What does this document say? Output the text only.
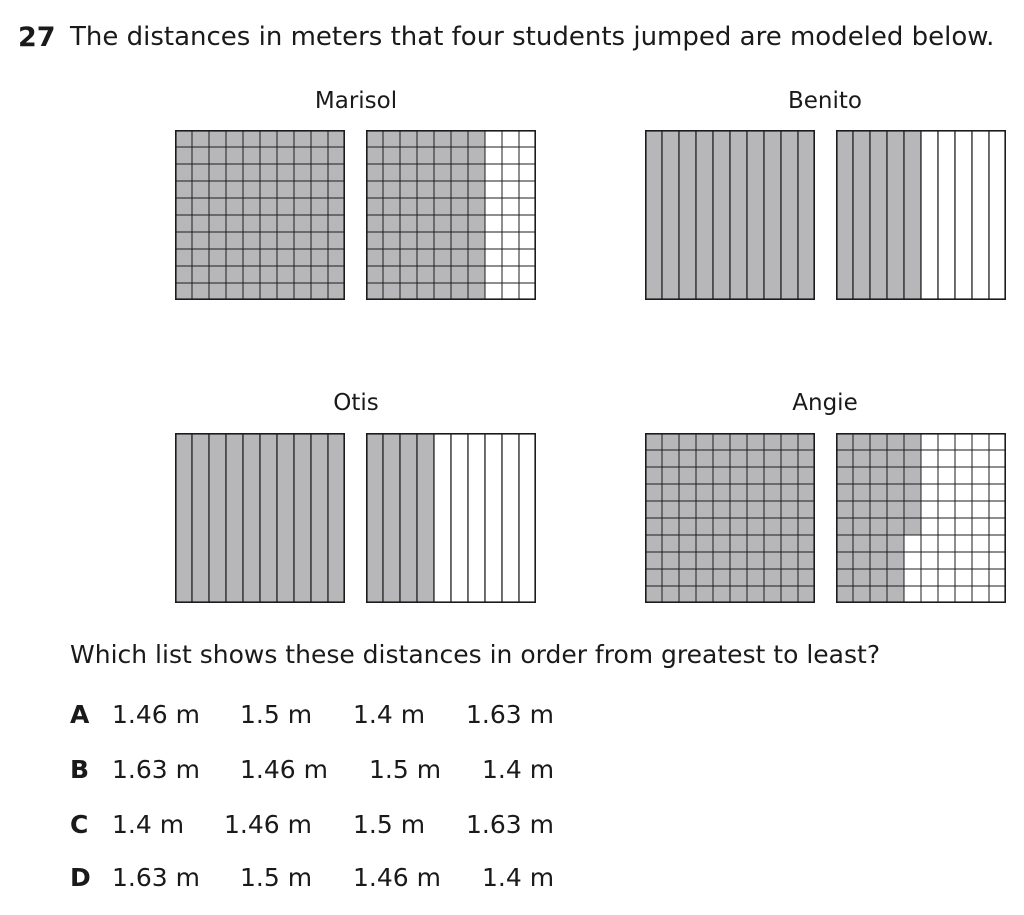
27 The distances in meters that four students jumped are modeled below.
Marisol	Benito
Otis	Angie
Which list shows these distances in order from greatest to least?
A 1.46 m 1.5 m 1.4 m 1.63 m
B 1.63 m 1.46 m 1.5 m 1.4 m
C 1.4 m 1.46 m 1.5 m 1.63 m
D 1.63 m 1.5 m 1.46 m 1.4 m
